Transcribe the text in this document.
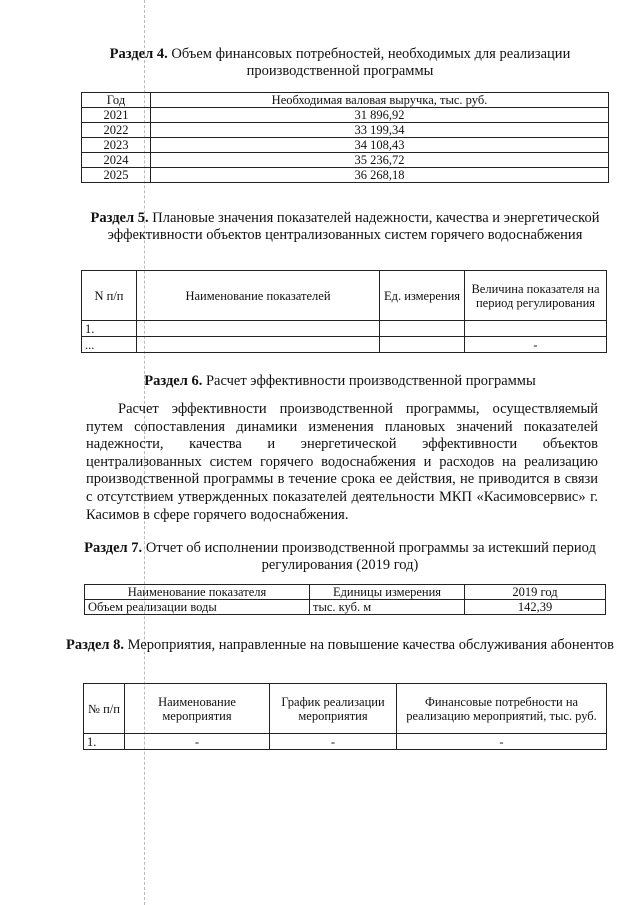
Раздел 4. Объем финансовых потребностей, необходимых для реализации производственной программы
Год	Необходимая валовая выручка, тыс. руб.
2021	31 896,92
2022	33 199,34
2023	34 108,43
2024	35 236,72
2025	36 268,18
Раздел 5. Плановые значения показателей надежности, качества и энергетической эффективности объектов централизованных систем горячего водоснабжения
N п/п	Наименование показателей	Ед. измерения	Величина показателя на период регулирования
1.			
...			-
Раздел 6. Расчет эффективности производственной программы
Расчет эффективности производственной программы, осуществляемый путем сопоставления динамики изменения плановых значений показателей надежности, качества и энергетической эффективности объектов централизованных систем горячего водоснабжения и расходов на реализацию производственной программы в течение срока ее действия, не приводится в связи с отсутствием утвержденных показателей деятельности МКП «Касимовсервис» г. Касимов в сфере горячего водоснабжения.
Раздел 7. Отчет об исполнении производственной программы за истекший период регулирования (2019 год)
Наименование показателя	Единицы измерения	2019 год
Объем реализации воды	тыс. куб. м	142,39
Раздел 8. Мероприятия, направленные на повышение качества обслуживания абонентов
№ п/п	Наименование мероприятия	График реализации мероприятия	Финансовые потребности на реализацию мероприятий, тыс. руб.
1.	-	-	-
